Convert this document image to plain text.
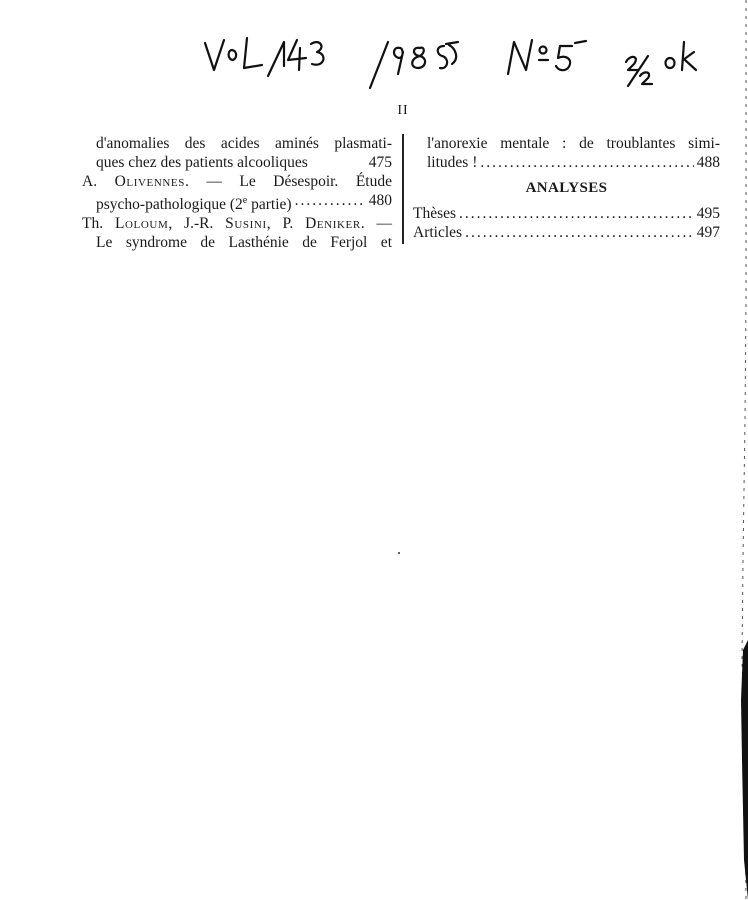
II
d'anomalies des acides aminés plasmati-
ques chez des patients alcooliques	475
A. Olivennes. — Le Désespoir. Étude
psycho-pathologique (2e partie) .....	480
Th. Loloum, J.-R. Susini, P. Deniker. —
Le syndrome de Lasthénie de Ferjol et
l'anorexie mentale : de troublantes simi-
litudes ! .....	488
ANALYSES
Thèses .....	495
Articles .....	497
